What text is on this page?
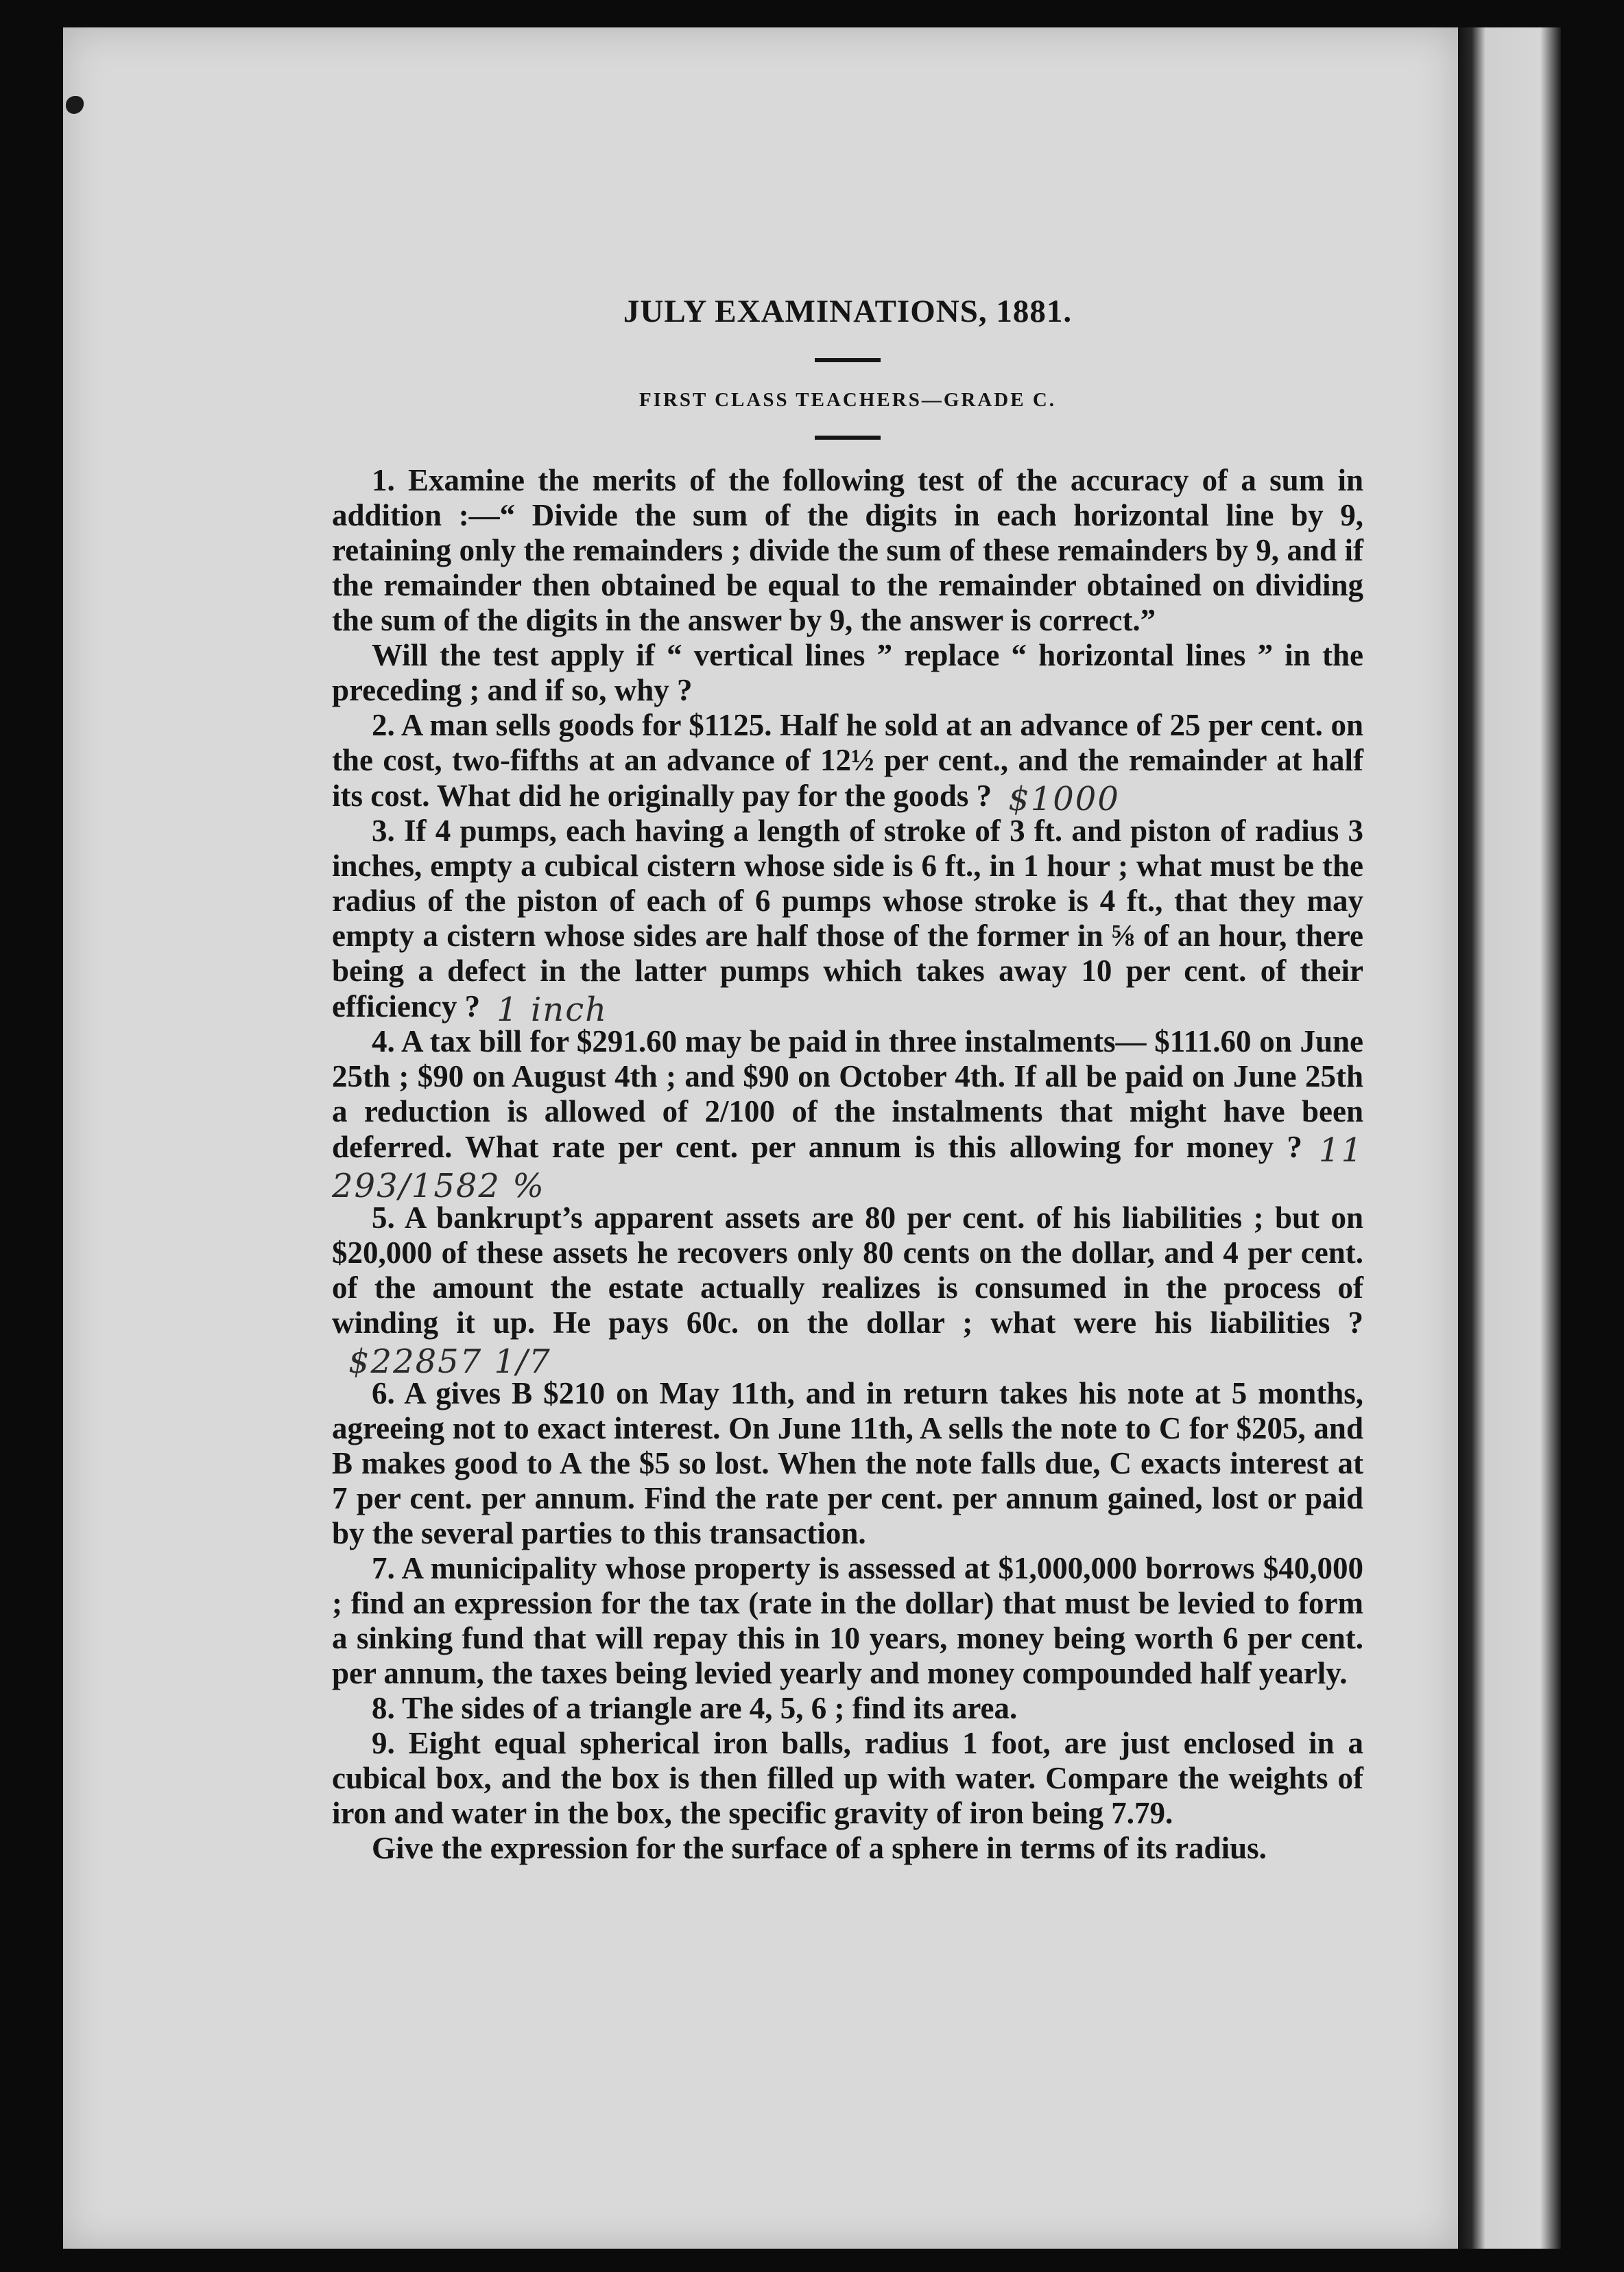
JULY EXAMINATIONS, 1881.
FIRST CLASS TEACHERS—GRADE C.

1. Examine the merits of the following test of the accuracy of a sum in addition :—“ Divide the sum of the digits in each horizontal line by 9, retaining only the remainders ; divide the sum of these remainders by 9, and if the remainder then obtained be equal to the remainder obtained on dividing the sum of the digits in the answer by 9, the answer is correct.”

Will the test apply if “ vertical lines ” replace “ horizontal lines ” in the preceding ; and if so, why ?

2. A man sells goods for $1125. Half he sold at an advance of 25 per cent. on the cost, two-fifths at an advance of 12½ per cent., and the remainder at half its cost. What did he originally pay for the goods ? $1000

3. If 4 pumps, each having a length of stroke of 3 ft. and piston of radius 3 inches, empty a cubical cistern whose side is 6 ft., in 1 hour ; what must be the radius of the piston of each of 6 pumps whose stroke is 4 ft., that they may empty a cistern whose sides are half those of the former in ⅝ of an hour, there being a defect in the latter pumps which takes away 10 per cent. of their efficiency ? 1 inch

4. A tax bill for $291.60 may be paid in three instalments— $111.60 on June 25th ; $90 on August 4th ; and $90 on October 4th. If all be paid on June 25th a reduction is allowed of 2/100 of the instalments that might have been deferred. What rate per cent. per annum is this allowing for money ? 11 293/1582 %

5. A bankrupt’s apparent assets are 80 per cent. of his liabilities ; but on $20,000 of these assets he recovers only 80 cents on the dollar, and 4 per cent. of the amount the estate actually realizes is consumed in the process of winding it up. He pays 60c. on the dollar ; what were his liabilities ?$22857 1/7

6. A gives B $210 on May 11th, and in return takes his note at 5 months, agreeing not to exact interest. On June 11th, A sells the note to C for $205, and B makes good to A the $5 so lost. When the note falls due, C exacts interest at 7 per cent. per annum. Find the rate per cent. per annum gained, lost or paid by the several parties to this transaction.

7. A municipality whose property is assessed at $1,000,000 borrows $40,000 ; find an expression for the tax (rate in the dollar) that must be levied to form a sinking fund that will repay this in 10 years, money being worth 6 per cent. per annum, the taxes being levied yearly and money compounded half yearly.

8. The sides of a triangle are 4, 5, 6 ; find its area.

9. Eight equal spherical iron balls, radius 1 foot, are just enclosed in a cubical box, and the box is then filled up with water. Compare the weights of iron and water in the box, the specific gravity of iron being 7.79.

Give the expression for the surface of a sphere in terms of its radius.
